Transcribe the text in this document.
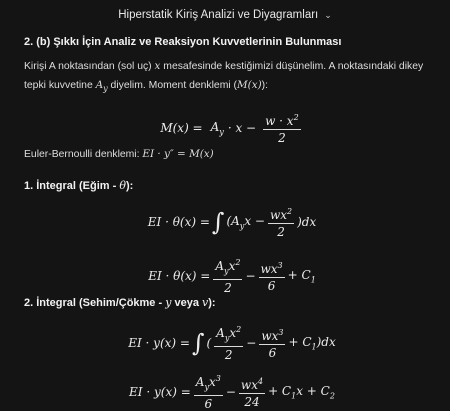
Hiperstatik Kiriş Analizi ve Diyagramları ⌄
2. (b) Şıkkı İçin Analiz ve Reaksiyon Kuvvetlerinin Bulunması
Kirişi A noktasından (sol uç) x mesafesinde kestiğimizi düşünelim. A noktasındaki dikey tepki kuvvetine $A_y$ diyelim. Moment denklemi (M(x)):
$M(x) = A_y \cdot x - \frac{w \cdot x^2}{2}$
Euler-Bernoulli denklemi: EI · y″ = M(x)
1. İntegral (Eğim - θ):
EI · θ(x) = ∫ $(A_yx - \frac{wx^2}{2} )dx$
EI · $\theta(x) = \frac{A_yx^2}{2} - \frac{wx^3}{6} + C_1$
2. İntegral (Sehim/Çökme - y veya v):
EI · y(x) = ∫ ( $\frac{A_yx^2}{2} - \frac{wx^3}{6} + C_1)dx$
EI · $y(x) = \frac{A_yx^3}{6} - \frac{wx^4}{24} + C_1x + C_2$
